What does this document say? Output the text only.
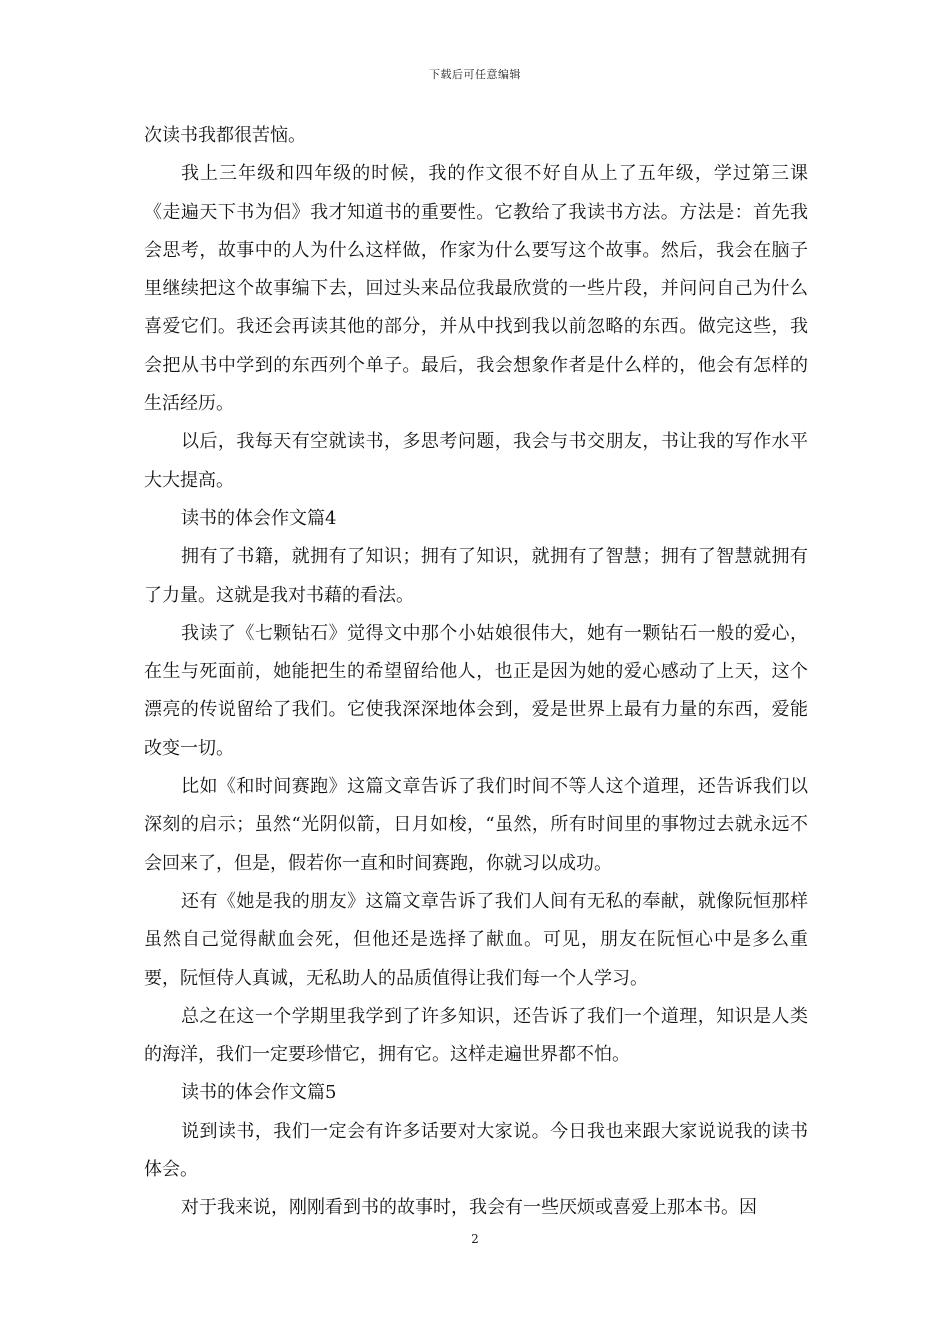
下载后可任意编辑

次读书我都很苦恼。

我上三年级和四年级的时候，我的作文很不好自从上了五年级，学过第三课《走遍天下书为侣》我才知道书的重要性。它教给了我读书方法。方法是：首先我会思考，故事中的人为什么这样做，作家为什么要写这个故事。然后，我会在脑子里继续把这个故事编下去，回过头来品位我最欣赏的一些片段，并问问自己为什么喜爱它们。我还会再读其他的部分，并从中找到我以前忽略的东西。做完这些，我会把从书中学到的东西列个单子。最后，我会想象作者是什么样的，他会有怎样的生活经历。

以后，我每天有空就读书，多思考问题，我会与书交朋友，书让我的写作水平大大提高。

读书的体会作文篇4

拥有了书籍，就拥有了知识；拥有了知识，就拥有了智慧；拥有了智慧就拥有了力量。这就是我对书藉的看法。

我读了《七颗钻石》觉得文中那个小姑娘很伟大，她有一颗钻石一般的爱心，在生与死面前，她能把生的希望留给他人，也正是因为她的爱心感动了上天，这个漂亮的传说留给了我们。它使我深深地体会到，爱是世界上最有力量的东西，爱能改变一切。

比如《和时间赛跑》这篇文章告诉了我们时间不等人这个道理，还告诉我们以深刻的启示；虽然“光阴似箭，日月如梭，“虽然，所有时间里的事物过去就永远不会回来了，但是，假若你一直和时间赛跑，你就习以成功。

还有《她是我的朋友》这篇文章告诉了我们人间有无私的奉献，就像阮恒那样虽然自己觉得献血会死，但他还是选择了献血。可见，朋友在阮恒心中是多么重要，阮恒侍人真诚，无私助人的品质值得让我们每一个人学习。

总之在这一个学期里我学到了许多知识，还告诉了我们一个道理，知识是人类的海洋，我们一定要珍惜它，拥有它。这样走遍世界都不怕。

读书的体会作文篇5

说到读书，我们一定会有许多话要对大家说。今日我也来跟大家说说我的读书体会。

对于我来说，刚刚看到书的故事时，我会有一些厌烦或喜爱上那本书。因

2
